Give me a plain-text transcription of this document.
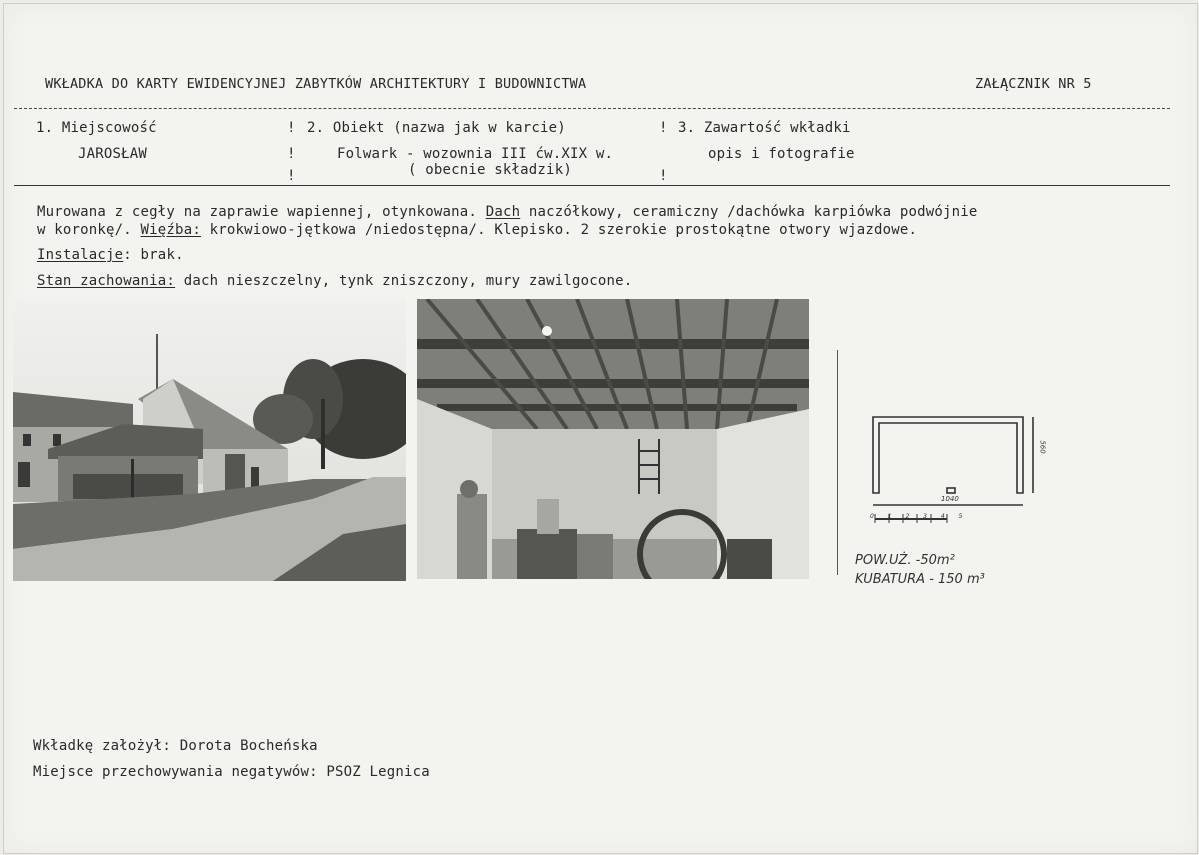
WKŁADKA DO KARTY EWIDENCYJNEJ ZABYTKÓW ARCHITEKTURY I BUDOWNICTWA	ZAŁĄCZNIK NR 5
1. Miejscowość
JAROSŁAW
!
!
!
2. Obiekt (nazwa jak w karcie)
Folwark - wozownia III ćw.XIX w.
( obecnie składzik)
!
!
3. Zawartość wkładki
opis i fotografie
Murowana z cegły na zaprawie wapiennej, otynkowana. Dach naczółkowy, ceramiczny /dachówka karpiówka podwójnie
w koronkę/. Więźba: krokwiowo-jętkowa /niedostępna/. Klepisko. 2 szerokie prostokątne otwory wjazdowe.
Instalacje: brak.
Stan zachowania: dach nieszczelny, tynk zniszczony, mury zawilgocone.
560
1040
0 1 2 3 4 5
POW.UŻ. -50m²
KUBATURA - 150 m³
Wkładkę założył: Dorota Bocheńska
Miejsce przechowywania negatywów: PSOZ Legnica
